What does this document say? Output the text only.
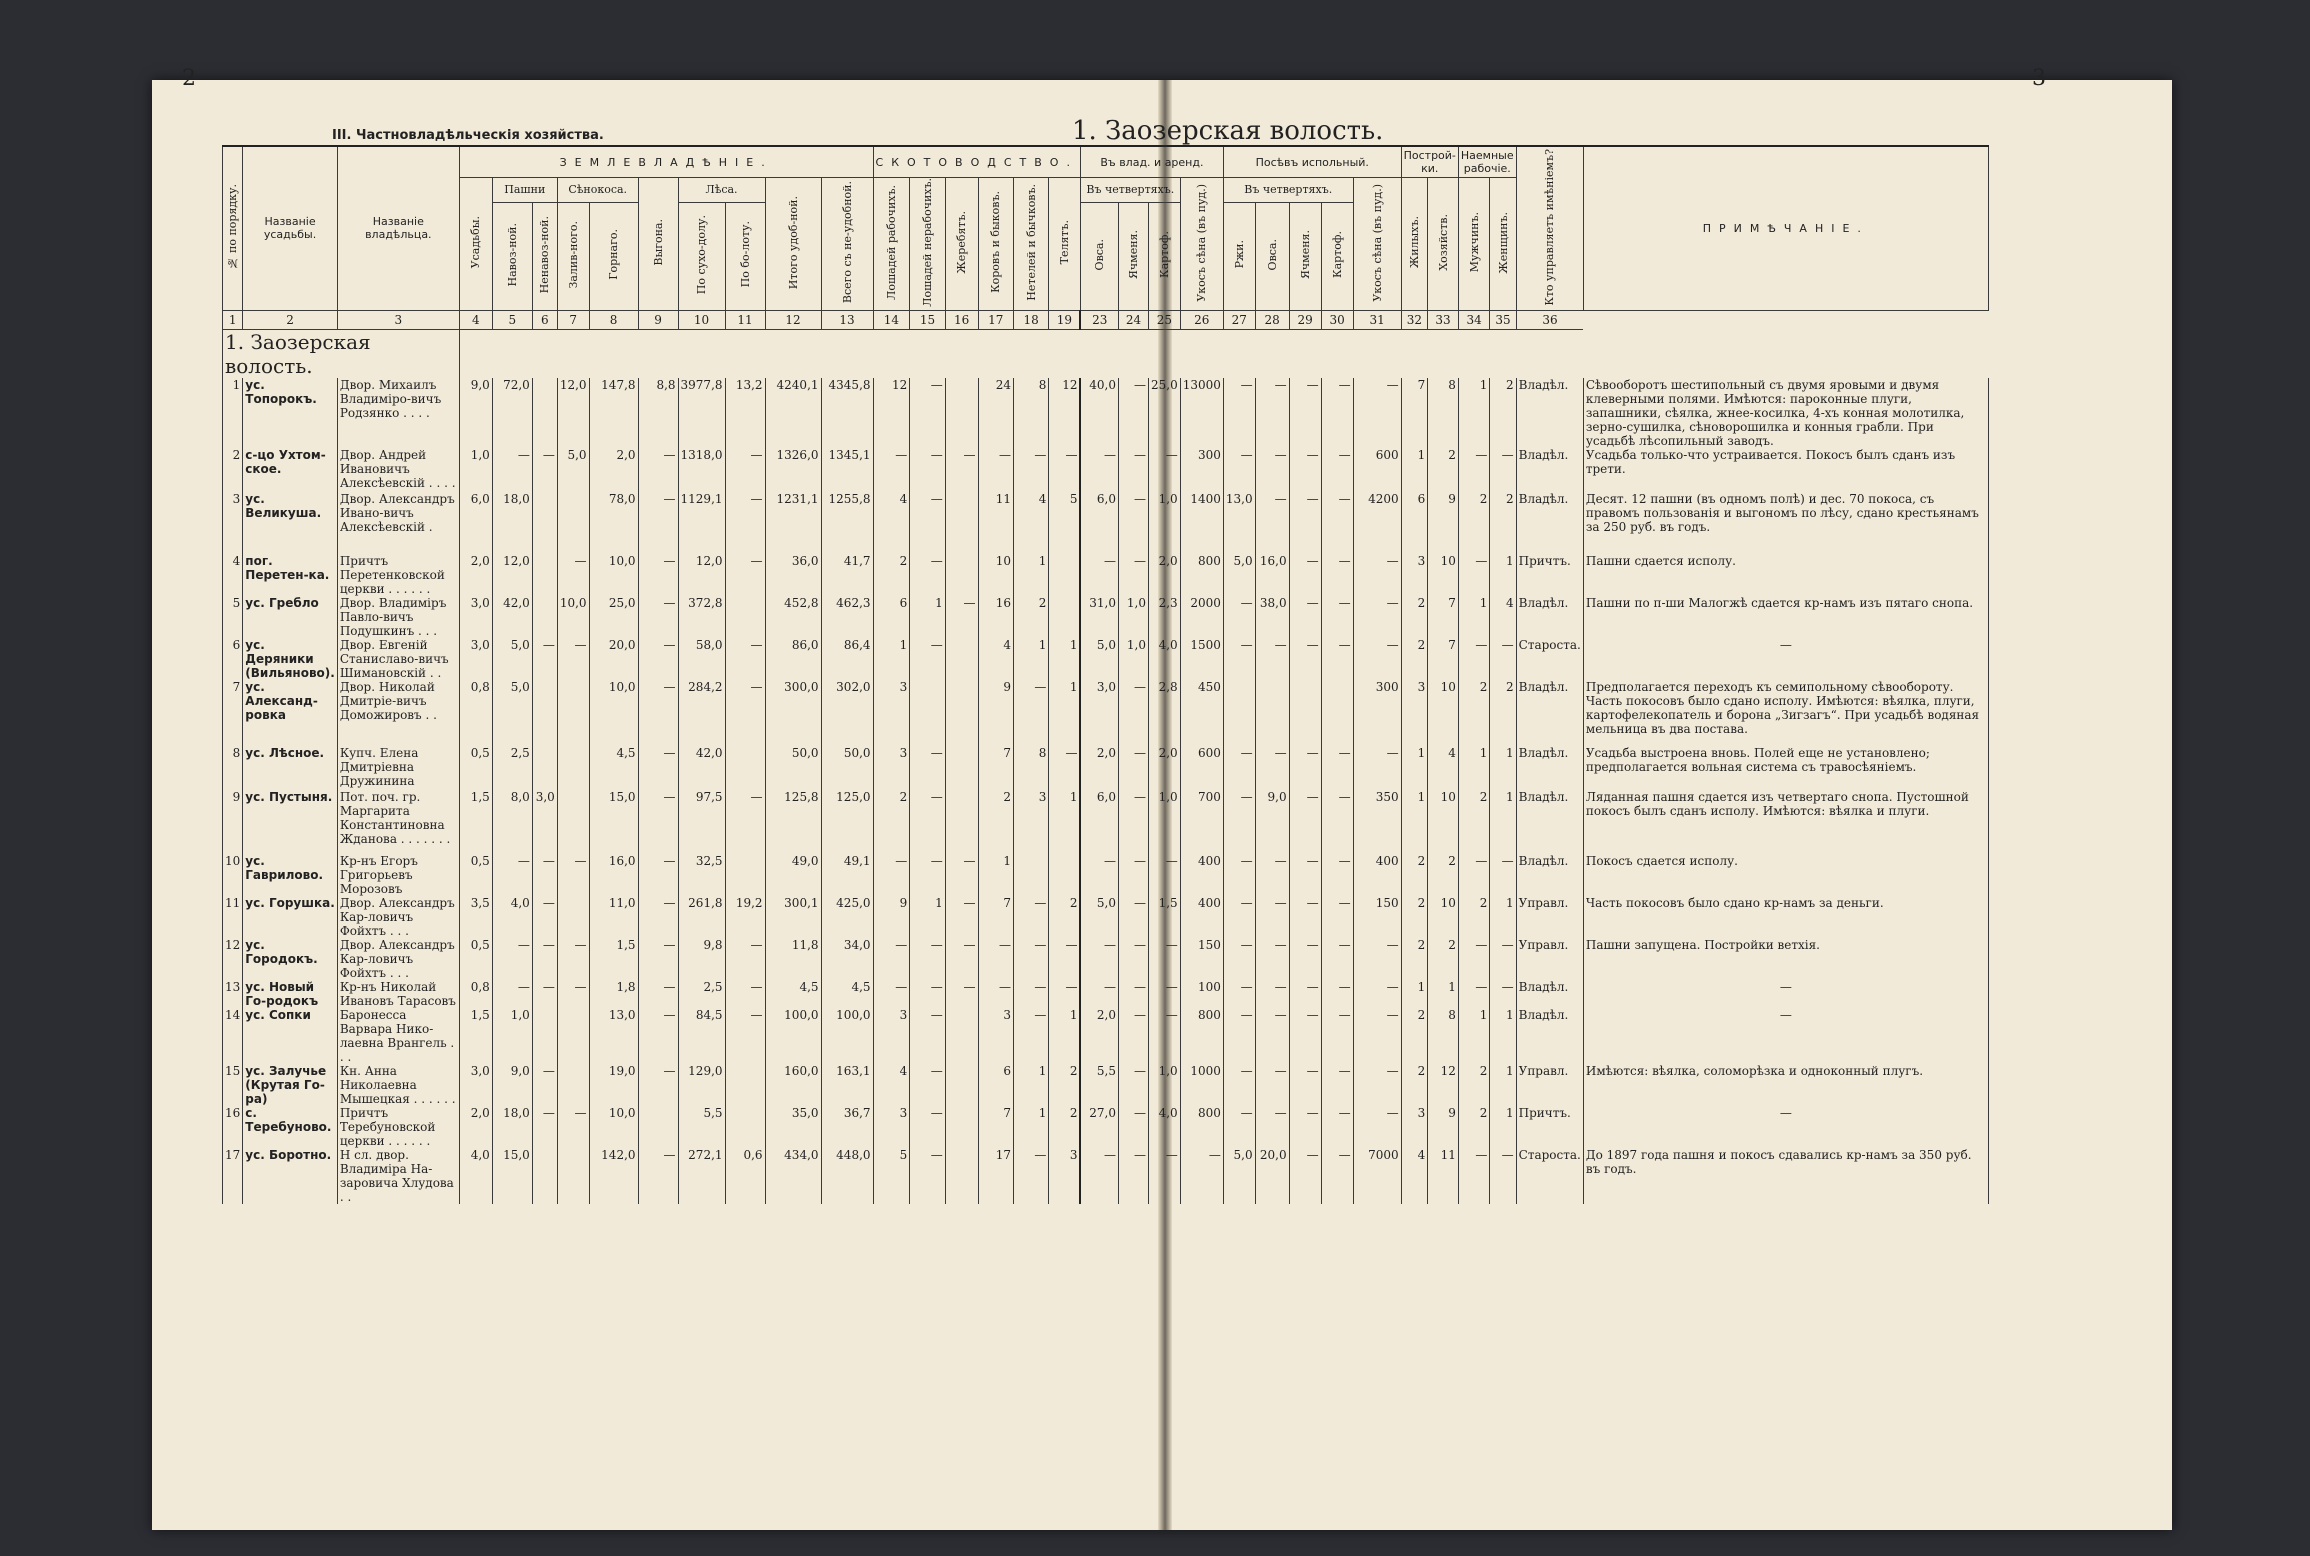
2	3
III. Частновладѣльческія хозяйства.	1. Заозерская волость.
№ по порядку.	Названіе усадьбы.	Названіе владѣльца.	ЗЕМЛЕВЛАДѢНІЕ.										СКОТОВОДСТВО.						Въ влад. и аренд.				Посѣвъ испольный.					Построй-ки.		Наемные рабочіе.		Кто управляетъ имѣніемъ?	ПРИМѢЧАНІЕ.
			Усадьбы.	Пашни		Сѣнокоса.		Выгона.	Лѣса.		Итого удоб-ной.	Всего съ не-удобной.	Лошадей рабочихъ.	Лошадей нерабочихъ.	Жеребятъ.	Коровъ и быковъ.	Нетелей и бычковъ.	Телятъ.	Въ четвертяхъ.			Укосъ сѣна (въ пуд.)	Въ четвертяхъ.				Укосъ сѣна (въ пуд.)	Жилыхъ.	Хозяйств.	Мужчинъ.	Женщинъ.		
				Навоз-ной.	Ненавоз-ной.	Залив-ного.	Горнаго.		По сухо-долу.	По бо-лоту.									Овса.	Ячменя.	Картоф.		Ржи.	Овса.	Ячменя.	Картоф.							
1	2	3	4	5	6	7	8	9	10	11	12	13	14	15	16	17	18	19	23	24	25	26	27	28	29	30	31	32	33	34	35	36	
1. Заозерская волость.																																	
1	ус. Топорокъ.	Двор. Михаилъ Владиміро-вичъ Родзянко . . . .	9,0	72,0		12,0	147,8	8,8	3977,8	13,2	4240,1	4345,8	12	—		24	8	12	40,0	—	25,0	13000	—	—	—	—	—	7	8	1	2	Владѣл.	Сѣвооборотъ шестипольный съ двумя яровыми и двумя клеверными полями. Имѣются: пароконные плуги, запашники, сѣялка, жнее-косилка, 4-хъ конная молотилка, зерно-сушилка, сѣноворошилка и конныя грабли. При усадьбѣ лѣсопильный заводъ.
2	с-цо Ухтом-ское.	Двор. Андрей Ивановичъ Алексѣевскій . . . .	1,0	—	—	5,0	2,0	—	1318,0	—	1326,0	1345,1	—	—	—	—	—	—	—	—	—	300	—	—	—	—	600	1	2	—	—	Владѣл.	Усадьба только-что устраивается. Покосъ былъ сданъ изъ трети.
3	ус. Великуша.	Двор. Александръ Ивано-вичъ Алексѣевскій .	6,0	18,0			78,0	—	1129,1	—	1231,1	1255,8	4	—		11	4	5	6,0	—	1,0	1400	13,0	—	—	—	4200	6	9	2	2	Владѣл.	Десят. 12 пашни (въ одномъ полѣ) и дес. 70 покоса, съ правомъ пользованія и выгономъ по лѣсу, сдано крестьянамъ за 250 руб. въ годъ.
4	пог. Перетен-ка.	Причтъ Перетенковской церкви . . . . . .	2,0	12,0		—	10,0	—	12,0	—	36,0	41,7	2	—		10	1		—	—	2,0	800	5,0	16,0	—	—	—	3	10	—	1	Причтъ.	Пашни сдается исполу.
5	ус. Гребло	Двор. Владиміръ Павло-вичъ Подушкинъ . . .	3,0	42,0		10,0	25,0	—	372,8		452,8	462,3	6	1	—	16	2		31,0	1,0	2,3	2000	—	38,0	—	—	—	2	7	1	4	Владѣл.	Пашни по п-ши Малогжѣ сдается кр-намъ изъ пятаго снопа.
6	ус. Деряники (Вильяново).	Двор. Евгеній Станиславо-вичъ Шимановскій . .	3,0	5,0	—	—	20,0	—	58,0	—	86,0	86,4	1	—		4	1	1	5,0	1,0	4,0	1500	—	—	—	—	—	2	7	—	—	Староста.	—
7	ус. Александ-ровка	Двор. Николай Дмитріе-вичъ Доможировъ . .	0,8	5,0			10,0	—	284,2	—	300,0	302,0	3			9	—	1	3,0	—	2,8	450					300	3	10	2	2	Владѣл.	Предполагается переходъ къ семипольному сѣвообороту. Часть покосовъ было сдано исполу. Имѣются: вѣялка, плуги, картофелекопатель и борона „Зигзагъ“. При усадьбѣ водяная мельница въ два постава.
8	ус. Лѣсное.	Купч. Елена Дмитріевна Дружинина	0,5	2,5			4,5	—	42,0		50,0	50,0	3	—		7	8	—	2,0	—	2,0	600	—	—	—	—	—	1	4	1	1	Владѣл.	Усадьба выстроена вновь. Полей еще не установлено; предполагается вольная система съ травосѣяніемъ.
9	ус. Пустыня.	Пот. поч. гр. Маргарита Константиновна Жданова . . . . . . .	1,5	8,0	3,0		15,0	—	97,5	—	125,8	125,0	2	—		2	3	1	6,0	—	1,0	700	—	9,0	—	—	350	1	10	2	1	Владѣл.	Ляданная пашня сдается изъ четвертаго снопа. Пустошной покосъ былъ сданъ исполу. Имѣются: вѣялка и плуги.
10	ус. Гаврилово.	Кр-нъ Егоръ Григорьевъ Морозовъ	0,5	—	—	—	16,0	—	32,5		49,0	49,1	—	—	—	1			—	—	—	400	—	—	—	—	400	2	2	—	—	Владѣл.	Покосъ сдается исполу.
11	ус. Горушка.	Двор. Александръ Кар-ловичъ Фойхтъ . . .	3,5	4,0	—		11,0	—	261,8	19,2	300,1	425,0	9	1	—	7	—	2	5,0	—	1,5	400	—	—	—	—	150	2	10	2	1	Управл.	Часть покосовъ было сдано кр-намъ за деньги.
12	ус. Городокъ.	Двор. Александръ Кар-ловичъ Фойхтъ . . .	0,5	—	—	—	1,5	—	9,8	—	11,8	34,0	—	—	—	—	—	—	—	—	—	150	—	—	—	—	—	2	2	—	—	Управл.	Пашни запущена. Постройки ветхія.
13	ус. Новый Го-родокъ	Кр-нъ Николай Ивановъ Тарасовъ	0,8	—	—	—	1,8	—	2,5	—	4,5	4,5	—	—	—	—	—	—	—	—	—	100	—	—	—	—	—	1	1	—	—	Владѣл.	—
14	ус. Сопки	Баронесса Варвара Нико-лаевна Врангель . . .	1,5	1,0			13,0	—	84,5	—	100,0	100,0	3	—		3	—	1	2,0	—	—	800	—	—	—	—	—	2	8	1	1	Владѣл.	—
15	ус. Залучье (Крутая Го-ра)	Кн. Анна Николаевна Мышецкая . . . . . .	3,0	9,0	—		19,0	—	129,0		160,0	163,1	4	—		6	1	2	5,5	—	1,0	1000	—	—	—	—	—	2	12	2	1	Управл.	Имѣются: вѣялка, соломорѣзка и одноконный плугъ.
16	с. Теребуново.	Причтъ Теребуновской церкви . . . . . .	2,0	18,0	—	—	10,0		5,5		35,0	36,7	3	—		7	1	2	27,0	—	4,0	800	—	—	—	—	—	3	9	2	1	Причтъ.	—
17	ус. Боротно.	Н сл. двор. Владиміра На-заровича Хлудова . .	4,0	15,0			142,0	—	272,1	0,6	434,0	448,0	5	—		17	—	3	—	—	—	—	5,0	20,0	—	—	7000	4	11	—	—	Староста.	До 1897 года пашня и покосъ сдавались кр-намъ за 350 руб. въ годъ.
